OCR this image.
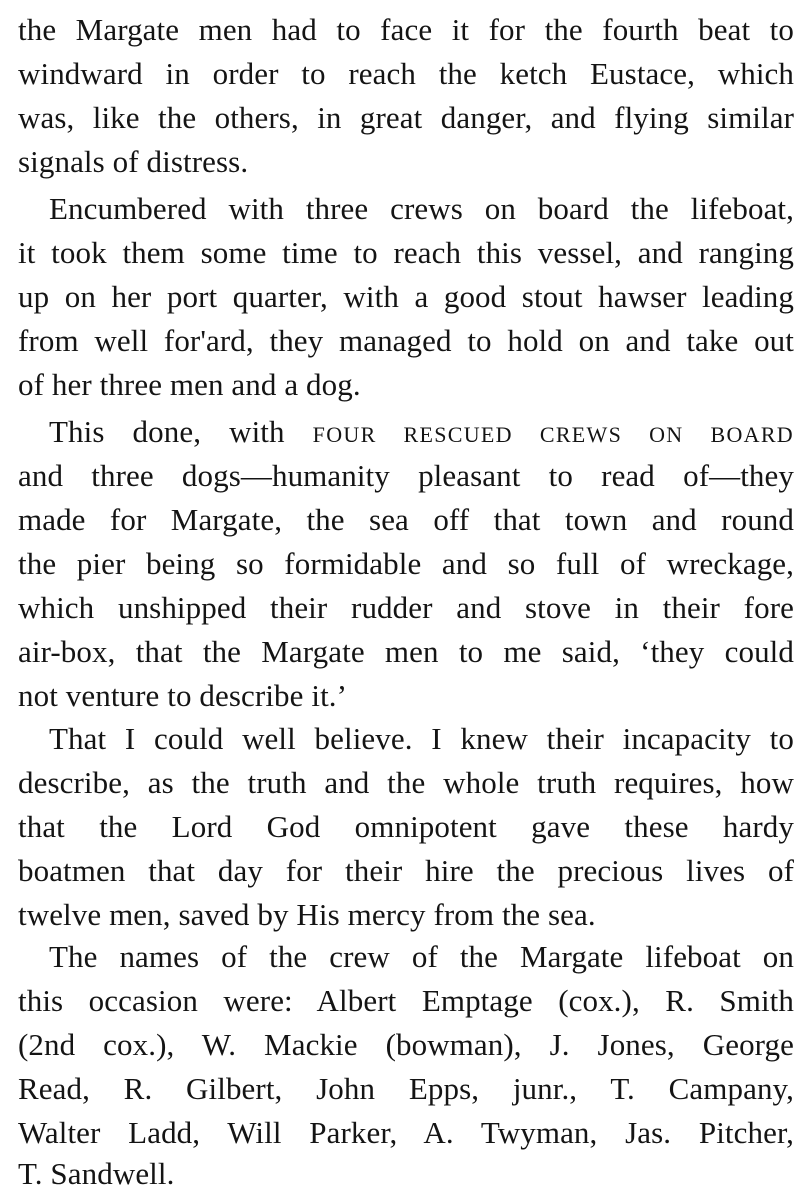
the Margate men had to face it for the fourth beat to
windward in order to reach the ketch Eustace, which
was, like the others, in great danger, and flying similar
signals of distress.
Encumbered with three crews on board the lifeboat,
it took them some time to reach this vessel, and ranging
up on her port quarter, with a good stout hawser leading
from well for'ard, they managed to hold on and take out
of her three men and a dog.
This done, with FOUR RESCUED CREWS ON BOARD
and three dogs—humanity pleasant to read of—they
made for Margate, the sea off that town and round
the pier being so formidable and so full of wreckage,
which unshipped their rudder and stove in their fore
air-box, that the Margate men to me said, ‘they could
not venture to describe it.’
That I could well believe. I knew their incapacity to
describe, as the truth and the whole truth requires, how
that the Lord God omnipotent gave these hardy
boatmen that day for their hire the precious lives of
twelve men, saved by His mercy from the sea.
The names of the crew of the Margate lifeboat on
this occasion were: Albert Emptage (cox.), R. Smith
(2nd cox.), W. Mackie (bowman), J. Jones, George
Read, R. Gilbert, John Epps, junr., T. Campany,
Walter Ladd, Will Parker, A. Twyman, Jas. Pitcher,
T. Sandwell.
